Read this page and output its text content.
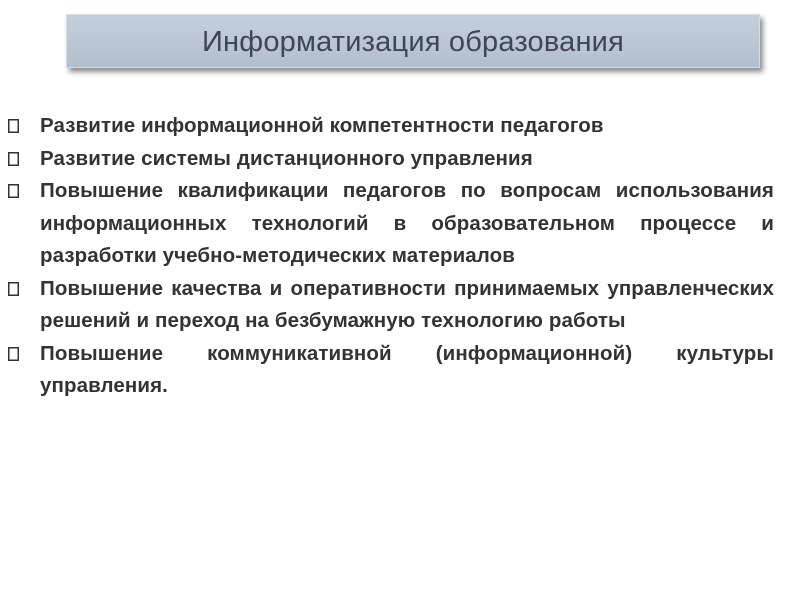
Информатизация образования
Развитие информационной компетентности педагогов
Развитие системы дистанционного управления
Повышение квалификации педагогов по вопросам использования информационных технологий в образовательном процессе и разработки учебно-методических материалов
Повышение качества и оперативности принимаемых управленческих решений и переход на безбумажную технологию работы
Повышение коммуникативной (информационной) культуры управления.
